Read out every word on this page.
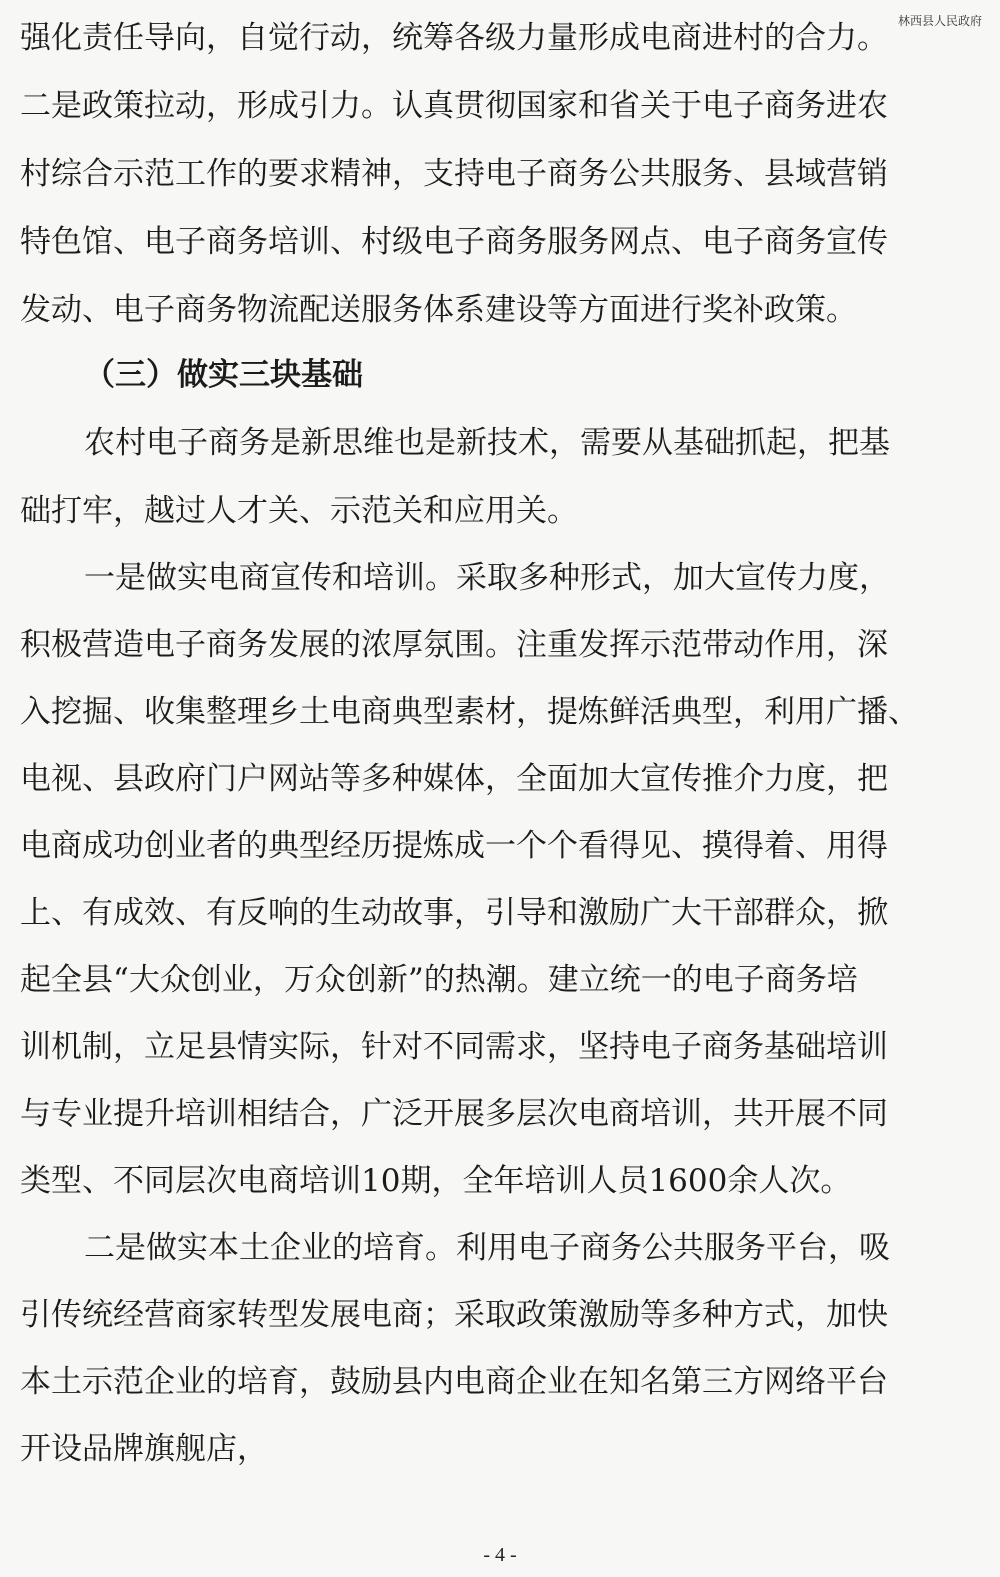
林西县人民政府
强化责任导向，自觉行动，统筹各级力量形成电商进村的合力。
二是政策拉动，形成引力。认真贯彻国家和省关于电子商务进农
村综合示范工作的要求精神，支持电子商务公共服务、县域营销
特色馆、电子商务培训、村级电子商务服务网点、电子商务宣传
发动、电子商务物流配送服务体系建设等方面进行奖补政策。
（三）做实三块基础
农村电子商务是新思维也是新技术，需要从基础抓起，把基
础打牢，越过人才关、示范关和应用关。
一是做实电商宣传和培训。采取多种形式，加大宣传力度，
积极营造电子商务发展的浓厚氛围。注重发挥示范带动作用，深
入挖掘、收集整理乡土电商典型素材，提炼鲜活典型，利用广播、
电视、县政府门户网站等多种媒体，全面加大宣传推介力度，把
电商成功创业者的典型经历提炼成一个个看得见、摸得着、用得
上、有成效、有反响的生动故事，引导和激励广大干部群众，掀
起全县“大众创业，万众创新”的热潮。建立统一的电子商务培
训机制，立足县情实际，针对不同需求，坚持电子商务基础培训
与专业提升培训相结合，广泛开展多层次电商培训，共开展不同
类型、不同层次电商培训10期，全年培训人员1600余人次。
二是做实本土企业的培育。利用电子商务公共服务平台，吸
引传统经营商家转型发展电商；采取政策激励等多种方式，加快
本土示范企业的培育，鼓励县内电商企业在知名第三方网络平台
开设品牌旗舰店，
- 4 -
